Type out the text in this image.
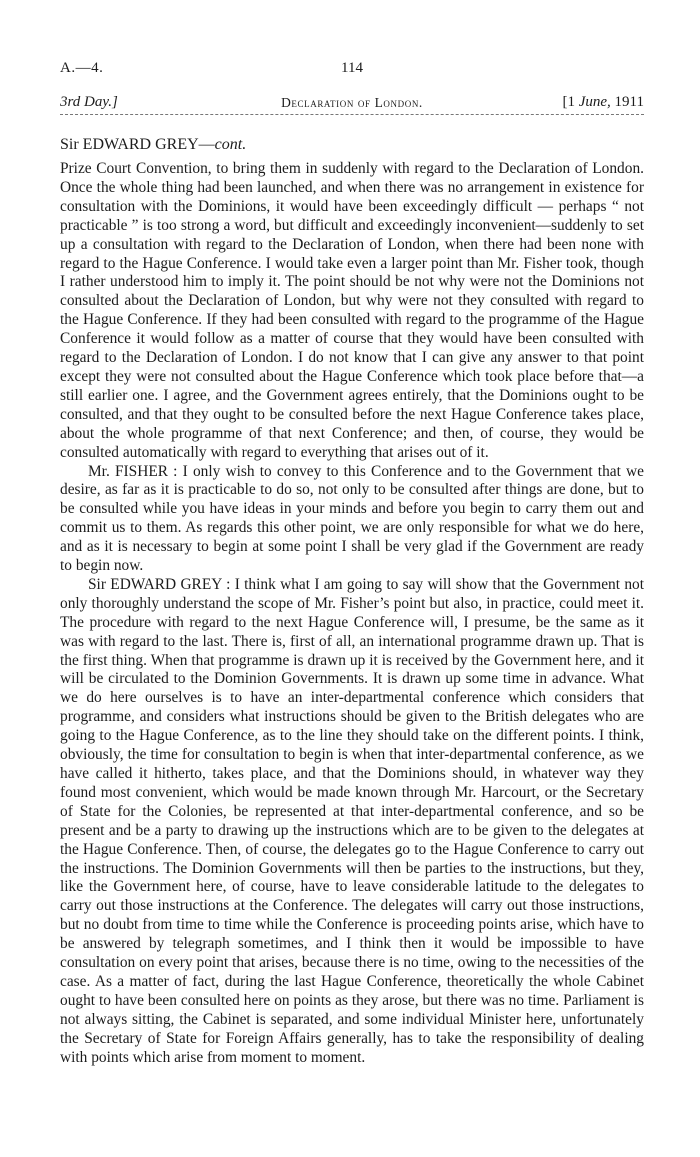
A.—4.	114
3rd Day.]	Declaration of London.	[1 June, 1911
Sir EDWARD GREY—cont.

Prize Court Convention, to bring them in suddenly with regard to the Declaration of London. Once the whole thing had been launched, and when there was no arrangement in existence for consultation with the Dominions, it would have been exceedingly difficult — perhaps “ not practicable ” is too strong a word, but difficult and exceedingly inconvenient—suddenly to set up a consultation with regard to the Declaration of London, when there had been none with regard to the Hague Conference. I would take even a larger point than Mr. Fisher took, though I rather understood him to imply it. The point should be not why were not the Dominions not consulted about the Declaration of London, but why were not they consulted with regard to the Hague Conference. If they had been consulted with regard to the programme of the Hague Conference it would follow as a matter of course that they would have been consulted with regard to the Declaration of London. I do not know that I can give any answer to that point except they were not consulted about the Hague Conference which took place before that—a still earlier one. I agree, and the Government agrees entirely, that the Dominions ought to be consulted, and that they ought to be consulted before the next Hague Conference takes place, about the whole programme of that next Conference; and then, of course, they would be consulted automatically with regard to everything that arises out of it.

Mr. FISHER : I only wish to convey to this Conference and to the Government that we desire, as far as it is practicable to do so, not only to be consulted after things are done, but to be consulted while you have ideas in your minds and before you begin to carry them out and commit us to them. As regards this other point, we are only responsible for what we do here, and as it is necessary to begin at some point I shall be very glad if the Government are ready to begin now.

Sir EDWARD GREY : I think what I am going to say will show that the Government not only thoroughly understand the scope of Mr. Fisher’s point but also, in practice, could meet it. The procedure with regard to the next Hague Conference will, I presume, be the same as it was with regard to the last. There is, first of all, an international programme drawn up. That is the first thing. When that programme is drawn up it is received by the Government here, and it will be circulated to the Dominion Governments. It is drawn up some time in advance. What we do here ourselves is to have an inter-departmental conference which considers that programme, and considers what instructions should be given to the British delegates who are going to the Hague Conference, as to the line they should take on the different points. I think, obviously, the time for consultation to begin is when that inter-departmental conference, as we have called it hitherto, takes place, and that the Dominions should, in whatever way they found most convenient, which would be made known through Mr. Harcourt, or the Secretary of State for the Colonies, be represented at that inter-departmental conference, and so be present and be a party to drawing up the instructions which are to be given to the delegates at the Hague Conference. Then, of course, the delegates go to the Hague Conference to carry out the instructions. The Dominion Governments will then be parties to the instructions, but they, like the Government here, of course, have to leave considerable latitude to the delegates to carry out those instructions at the Conference. The delegates will carry out those instructions, but no doubt from time to time while the Conference is proceeding points arise, which have to be answered by telegraph sometimes, and I think then it would be impossible to have consultation on every point that arises, because there is no time, owing to the necessities of the case. As a matter of fact, during the last Hague Conference, theoretically the whole Cabinet ought to have been consulted here on points as they arose, but there was no time. Parliament is not always sitting, the Cabinet is separated, and some individual Minister here, unfortunately the Secretary of State for Foreign Affairs generally, has to take the responsibility of dealing with points which arise from moment to moment.
